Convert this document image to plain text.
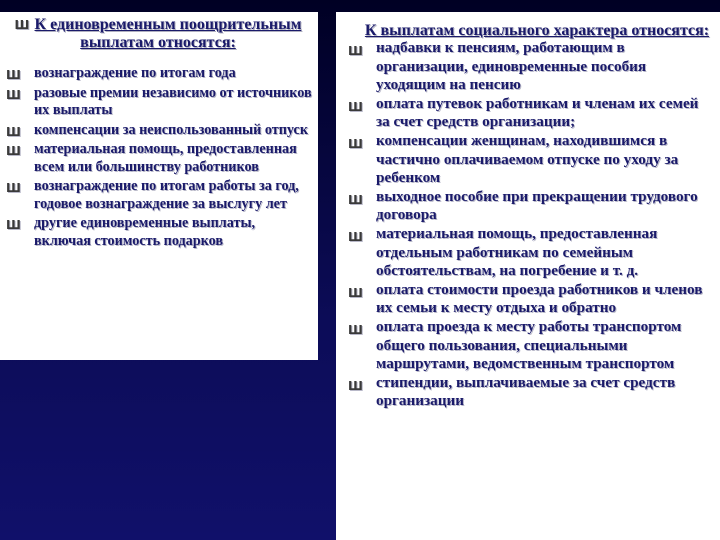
Ш К единовременным поощрительным выплатам относятся:
Ш вознаграждение по итогам года
Ш разовые премии независимо от источников их выплаты
Ш компенсации за неиспользованный отпуск
Ш материальная помощь, предоставленная всем или большинству работников
Ш вознаграждение по итогам работы за год, годовое вознаграждение за выслугу лет
Ш другие единовременные выплаты, включая стоимость подарков
К выплатам социального характера относятся:
Ш надбавки к пенсиям, работающим в организации, единовременные пособия уходящим на пенсию
Ш оплата путевок работникам и членам их семей за счет средств организации;
Ш компенсации женщинам, находившимся в частично оплачиваемом отпуске по уходу за ребенком
Ш выходное пособие при прекращении трудового договора
Ш материальная помощь, предоставленная отдельным работникам по семейным обстоятельствам, на погребение и т. д.
Ш оплата стоимости проезда работников и членов их семьи к месту отдыха и обратно
Ш оплата проезда к месту работы транспортом общего пользования, специальными маршрутами, ведомственным транспортом
Ш стипендии, выплачиваемые за счет средств организации
